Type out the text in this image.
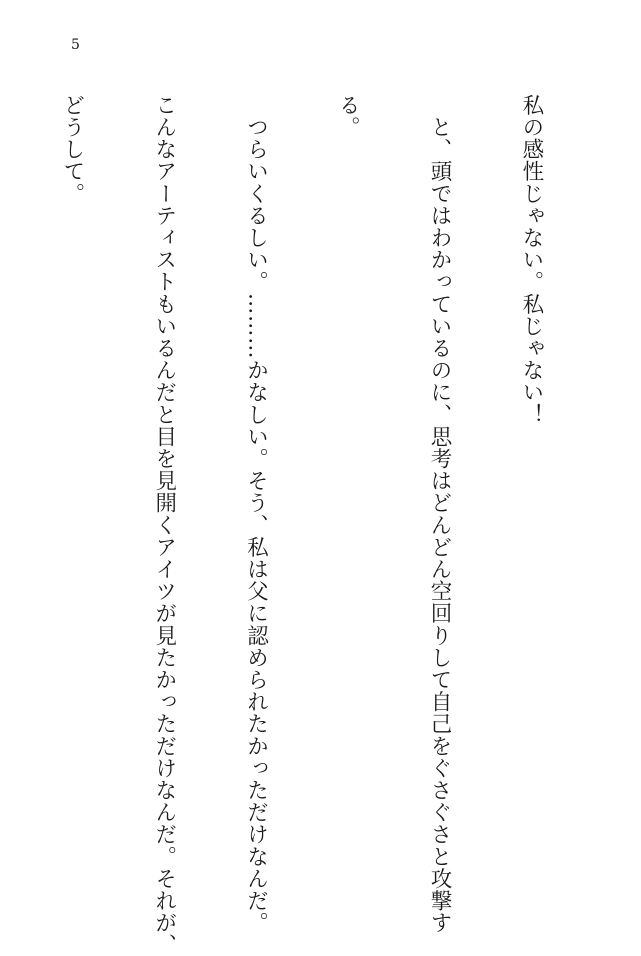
5

私の感性じゃない。私じゃない！

　と、頭ではわかっているのに、思考はどんどん空回りして自己をぐさぐさと攻撃す

る。

　つらいくるしい。………かなしい。そう、私は父に認められたかっただけなんだ。

こんなアーティストもいるんだと目を見開くアイツが見たかっただけなんだ。それが、

どうして。
